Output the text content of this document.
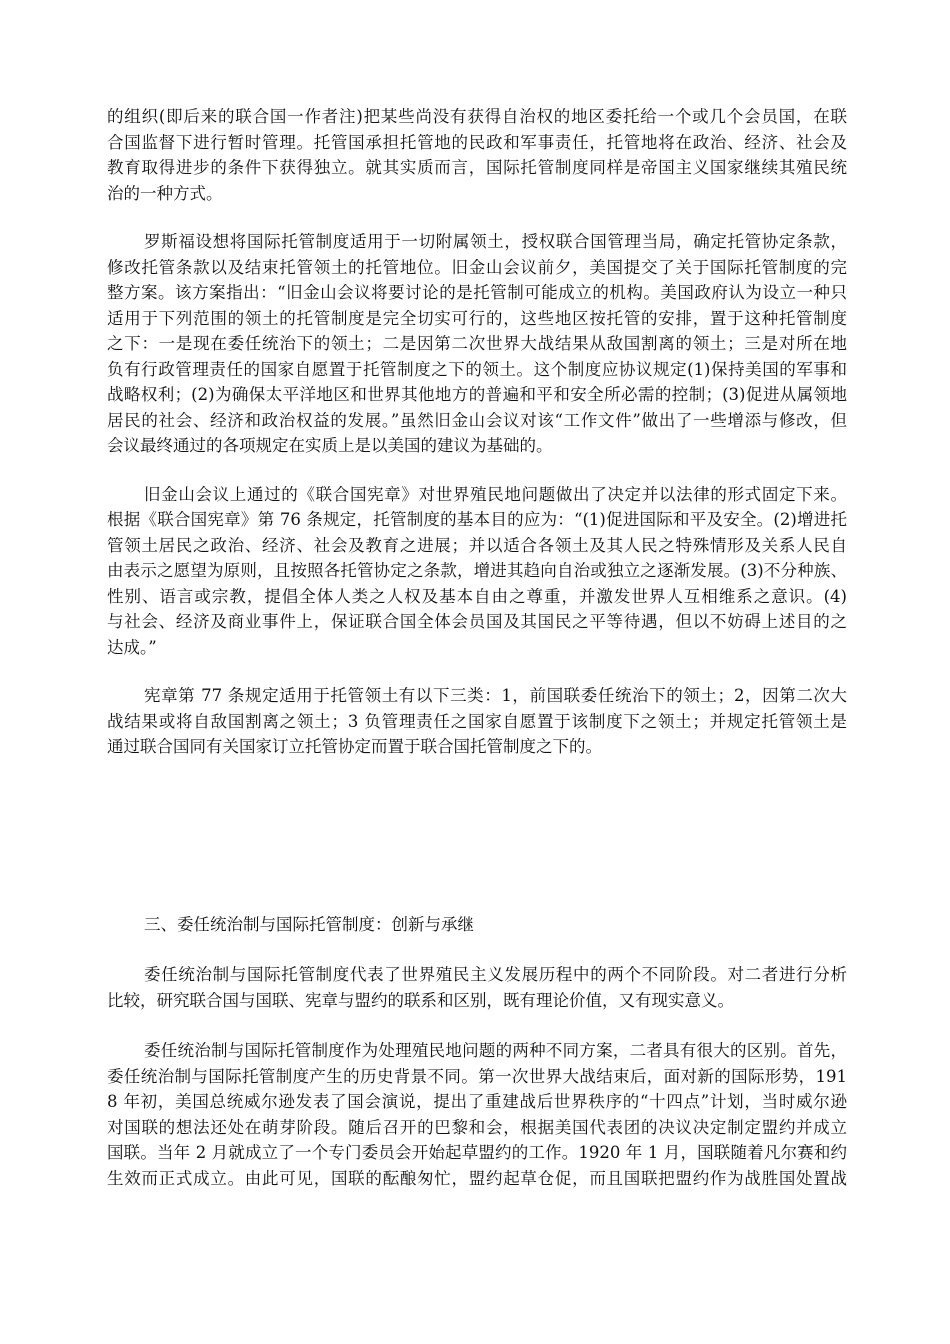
的组织(即后来的联合国一作者注)把某些尚没有获得自治权的地区委托给一个或几个会员国，在联
合国监督下进行暂时管理。托管国承担托管地的民政和军事责任，托管地将在政治、经济、社会及
教育取得进步的条件下获得独立。就其实质而言，国际托管制度同样是帝国主义国家继续其殖民统
治的一种方式。
罗斯福设想将国际托管制度适用于一切附属领土，授权联合国管理当局，确定托管协定条款，
修改托管条款以及结束托管领土的托管地位。旧金山会议前夕，美国提交了关于国际托管制度的完
整方案。该方案指出：“旧金山会议将要讨论的是托管制可能成立的机构。美国政府认为设立一种只
适用于下列范围的领土的托管制度是完全切实可行的，这些地区按托管的安排，置于这种托管制度
之下：一是现在委任统治下的领土；二是因第二次世界大战结果从敌国割离的领土；三是对所在地
负有行政管理责任的国家自愿置于托管制度之下的领土。这个制度应协议规定(1)保持美国的军事和
战略权利；(2)为确保太平洋地区和世界其他地方的普遍和平和安全所必需的控制；(3)促进从属领地
居民的社会、经济和政治权益的发展。”虽然旧金山会议对该“工作文件”做出了一些增添与修改，但
会议最终通过的各项规定在实质上是以美国的建议为基础的。
旧金山会议上通过的《联合国宪章》对世界殖民地问题做出了决定并以法律的形式固定下来。
根据《联合国宪章》第 76 条规定，托管制度的基本目的应为：“(1)促进国际和平及安全。(2)增进托
管领土居民之政治、经济、社会及教育之进展；并以适合各领土及其人民之特殊情形及关系人民自
由表示之愿望为原则，且按照各托管协定之条款，增进其趋向自治或独立之逐渐发展。(3)不分种族、
性别、语言或宗教，提倡全体人类之人权及基本自由之尊重，并激发世界人互相维系之意识。(4)
与社会、经济及商业事件上，保证联合国全体会员国及其国民之平等待遇，但以不妨碍上述目的之
达成。”
宪章第 77 条规定适用于托管领土有以下三类：1，前国联委任统治下的领土；2，因第二次大
战结果或将自敌国割离之领土；3 负管理责任之国家自愿置于该制度下之领土；并规定托管领土是
通过联合国同有关国家订立托管协定而置于联合国托管制度之下的。
三、委任统治制与国际托管制度：创新与承继
委任统治制与国际托管制度代表了世界殖民主义发展历程中的两个不同阶段。对二者进行分析
比较，研究联合国与国联、宪章与盟约的联系和区别，既有理论价值，又有现实意义。
委任统治制与国际托管制度作为处理殖民地问题的两种不同方案，二者具有很大的区别。首先，
委任统治制与国际托管制度产生的历史背景不同。第一次世界大战结束后，面对新的国际形势，191
8 年初，美国总统威尔逊发表了国会演说，提出了重建战后世界秩序的“十四点”计划，当时威尔逊
对国联的想法还处在萌芽阶段。随后召开的巴黎和会，根据美国代表团的决议决定制定盟约并成立
国联。当年 2 月就成立了一个专门委员会开始起草盟约的工作。1920 年 1 月，国联随着凡尔赛和约
生效而正式成立。由此可见，国联的酝酿匆忙，盟约起草仓促，而且国联把盟约作为战胜国处置战
